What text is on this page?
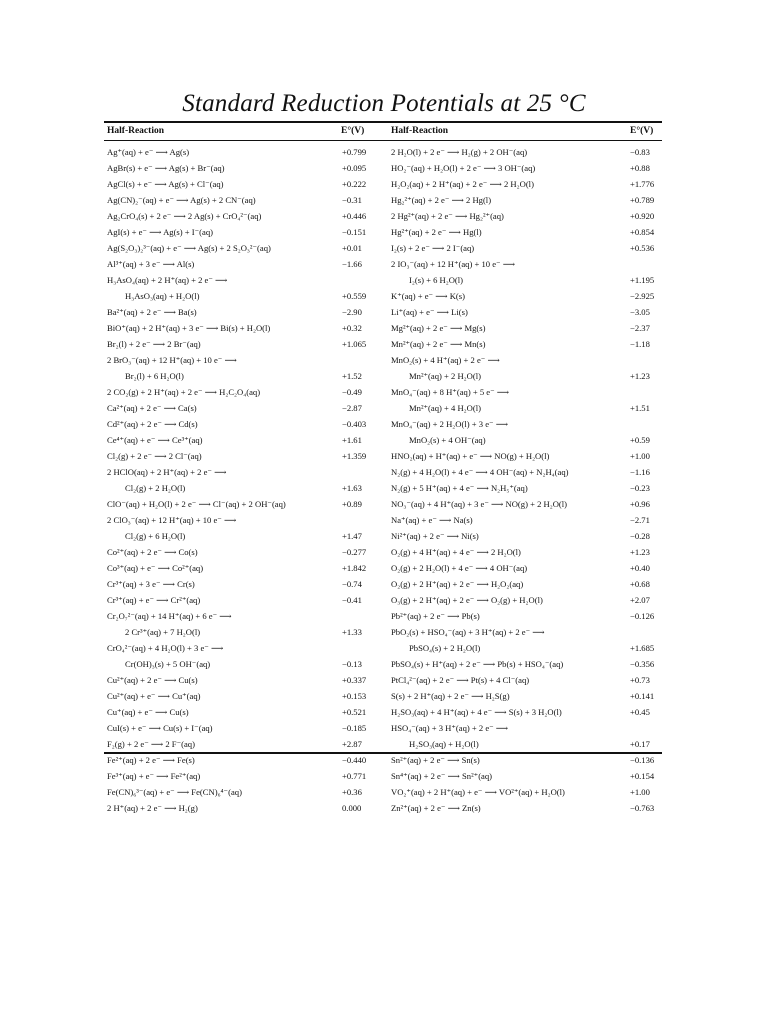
Standard Reduction Potentials at 25 °C
Half-Reaction	E°(V)	Half-Reaction	E°(V)
Ag⁺(aq) + e⁻ ⟶ Ag(s)	+0.799
AgBr(s) + e⁻ ⟶ Ag(s) + Br⁻(aq)	+0.095
AgCl(s) + e⁻ ⟶ Ag(s) + Cl⁻(aq)	+0.222
Ag(CN)₂⁻(aq) + e⁻ ⟶ Ag(s) + 2 CN⁻(aq)	−0.31
Ag₂CrO₄(s) + 2 e⁻ ⟶ 2 Ag(s) + CrO₄²⁻(aq)	+0.446
AgI(s) + e⁻ ⟶ Ag(s) + I⁻(aq)	−0.151
Ag(S₂O₃)₂³⁻(aq) + e⁻ ⟶ Ag(s) + 2 S₂O₃²⁻(aq)	+0.01
Al³⁺(aq) + 3 e⁻ ⟶ Al(s)	−1.66
H₃AsO₄(aq) + 2 H⁺(aq) + 2 e⁻ ⟶
H₃AsO₃(aq) + H₂O(l)	+0.559
Ba²⁺(aq) + 2 e⁻ ⟶ Ba(s)	−2.90
BiO⁺(aq) + 2 H⁺(aq) + 3 e⁻ ⟶ Bi(s) + H₂O(l)	+0.32
Br₂(l) + 2 e⁻ ⟶ 2 Br⁻(aq)	+1.065
2 BrO₃⁻(aq) + 12 H⁺(aq) + 10 e⁻ ⟶
Br₂(l) + 6 H₂O(l)	+1.52
2 CO₂(g) + 2 H⁺(aq) + 2 e⁻ ⟶ H₂C₂O₄(aq)	−0.49
Ca²⁺(aq) + 2 e⁻ ⟶ Ca(s)	−2.87
Cd²⁺(aq) + 2 e⁻ ⟶ Cd(s)	−0.403
Ce⁴⁺(aq) + e⁻ ⟶ Ce³⁺(aq)	+1.61
Cl₂(g) + 2 e⁻ ⟶ 2 Cl⁻(aq)	+1.359
2 HClO(aq) + 2 H⁺(aq) + 2 e⁻ ⟶
Cl₂(g) + 2 H₂O(l)	+1.63
ClO⁻(aq) + H₂O(l) + 2 e⁻ ⟶ Cl⁻(aq) + 2 OH⁻(aq)	+0.89
2 ClO₃⁻(aq) + 12 H⁺(aq) + 10 e⁻ ⟶
Cl₂(g) + 6 H₂O(l)	+1.47
Co²⁺(aq) + 2 e⁻ ⟶ Co(s)	−0.277
Co³⁺(aq) + e⁻ ⟶ Co²⁺(aq)	+1.842
Cr³⁺(aq) + 3 e⁻ ⟶ Cr(s)	−0.74
Cr³⁺(aq) + e⁻ ⟶ Cr²⁺(aq)	−0.41
Cr₂O₇²⁻(aq) + 14 H⁺(aq) + 6 e⁻ ⟶
2 Cr³⁺(aq) + 7 H₂O(l)	+1.33
CrO₄²⁻(aq) + 4 H₂O(l) + 3 e⁻ ⟶
Cr(OH)₃(s) + 5 OH⁻(aq)	−0.13
Cu²⁺(aq) + 2 e⁻ ⟶ Cu(s)	+0.337
Cu²⁺(aq) + e⁻ ⟶ Cu⁺(aq)	+0.153
Cu⁺(aq) + e⁻ ⟶ Cu(s)	+0.521
CuI(s) + e⁻ ⟶ Cu(s) + I⁻(aq)	−0.185
F₂(g) + 2 e⁻ ⟶ 2 F⁻(aq)	+2.87
Fe²⁺(aq) + 2 e⁻ ⟶ Fe(s)	−0.440
Fe³⁺(aq) + e⁻ ⟶ Fe²⁺(aq)	+0.771
Fe(CN)₆³⁻(aq) + e⁻ ⟶ Fe(CN)₆⁴⁻(aq)	+0.36
2 H⁺(aq) + 2 e⁻ ⟶ H₂(g)	0.000
2 H₂O(l) + 2 e⁻ ⟶ H₂(g) + 2 OH⁻(aq)	−0.83
HO₂⁻(aq) + H₂O(l) + 2 e⁻ ⟶ 3 OH⁻(aq)	+0.88
H₂O₂(aq) + 2 H⁺(aq) + 2 e⁻ ⟶ 2 H₂O(l)	+1.776
Hg₂²⁺(aq) + 2 e⁻ ⟶ 2 Hg(l)	+0.789
2 Hg²⁺(aq) + 2 e⁻ ⟶ Hg₂²⁺(aq)	+0.920
Hg²⁺(aq) + 2 e⁻ ⟶ Hg(l)	+0.854
I₂(s) + 2 e⁻ ⟶ 2 I⁻(aq)	+0.536
2 IO₃⁻(aq) + 12 H⁺(aq) + 10 e⁻ ⟶
I₂(s) + 6 H₂O(l)	+1.195
K⁺(aq) + e⁻ ⟶ K(s)	−2.925
Li⁺(aq) + e⁻ ⟶ Li(s)	−3.05
Mg²⁺(aq) + 2 e⁻ ⟶ Mg(s)	−2.37
Mn²⁺(aq) + 2 e⁻ ⟶ Mn(s)	−1.18
MnO₂(s) + 4 H⁺(aq) + 2 e⁻ ⟶
Mn²⁺(aq) + 2 H₂O(l)	+1.23
MnO₄⁻(aq) + 8 H⁺(aq) + 5 e⁻ ⟶
Mn²⁺(aq) + 4 H₂O(l)	+1.51
MnO₄⁻(aq) + 2 H₂O(l) + 3 e⁻ ⟶
MnO₂(s) + 4 OH⁻(aq)	+0.59
HNO₂(aq) + H⁺(aq) + e⁻ ⟶ NO(g) + H₂O(l)	+1.00
N₂(g) + 4 H₂O(l) + 4 e⁻ ⟶ 4 OH⁻(aq) + N₂H₄(aq)	−1.16
N₂(g) + 5 H⁺(aq) + 4 e⁻ ⟶ N₂H₅⁺(aq)	−0.23
NO₃⁻(aq) + 4 H⁺(aq) + 3 e⁻ ⟶ NO(g) + 2 H₂O(l)	+0.96
Na⁺(aq) + e⁻ ⟶ Na(s)	−2.71
Ni²⁺(aq) + 2 e⁻ ⟶ Ni(s)	−0.28
O₂(g) + 4 H⁺(aq) + 4 e⁻ ⟶ 2 H₂O(l)	+1.23
O₂(g) + 2 H₂O(l) + 4 e⁻ ⟶ 4 OH⁻(aq)	+0.40
O₂(g) + 2 H⁺(aq) + 2 e⁻ ⟶ H₂O₂(aq)	+0.68
O₃(g) + 2 H⁺(aq) + 2 e⁻ ⟶ O₂(g) + H₂O(l)	+2.07
Pb²⁺(aq) + 2 e⁻ ⟶ Pb(s)	−0.126
PbO₂(s) + HSO₄⁻(aq) + 3 H⁺(aq) + 2 e⁻ ⟶
PbSO₄(s) + 2 H₂O(l)	+1.685
PbSO₄(s) + H⁺(aq) + 2 e⁻ ⟶ Pb(s) + HSO₄⁻(aq)	−0.356
PtCl₄²⁻(aq) + 2 e⁻ ⟶ Pt(s) + 4 Cl⁻(aq)	+0.73
S(s) + 2 H⁺(aq) + 2 e⁻ ⟶ H₂S(g)	+0.141
H₂SO₃(aq) + 4 H⁺(aq) + 4 e⁻ ⟶ S(s) + 3 H₂O(l)	+0.45
HSO₄⁻(aq) + 3 H⁺(aq) + 2 e⁻ ⟶
H₂SO₃(aq) + H₂O(l)	+0.17
Sn²⁺(aq) + 2 e⁻ ⟶ Sn(s)	−0.136
Sn⁴⁺(aq) + 2 e⁻ ⟶ Sn²⁺(aq)	+0.154
VO₂⁺(aq) + 2 H⁺(aq) + e⁻ ⟶ VO²⁺(aq) + H₂O(l)	+1.00
Zn²⁺(aq) + 2 e⁻ ⟶ Zn(s)	−0.763
